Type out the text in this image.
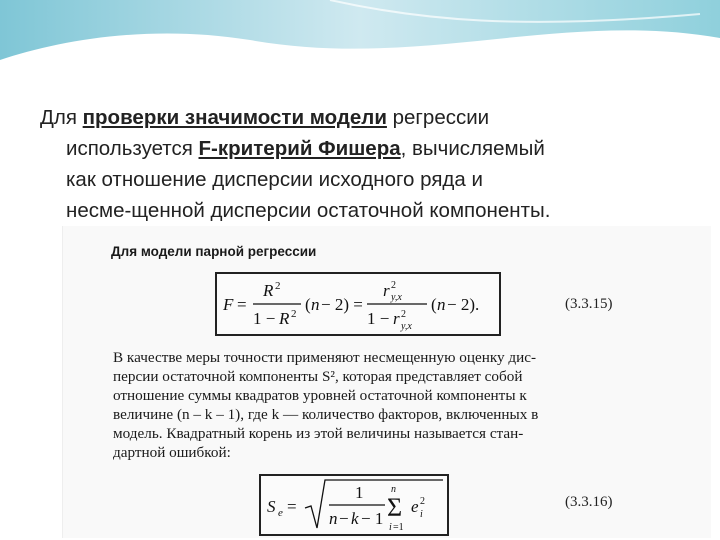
Для проверки значимости модели регрессии
используется F-критерий Фишера, вычисляемый
как отношение дисперсии исходного ряда и
несме-щенной дисперсии остаточной компоненты.
Для модели парной регрессии
F =
R 2
1 − R 2 ( n − 2) =
r 2
y,x
1 − r 2
y,x
( n − 2).	(3.3.15)
В качестве меры точности применяют несмещенную оценку дис-
персии остаточной компоненты S², которая представляет собой
отношение суммы квадратов уровней остаточной компоненты к
величине (n – k – 1), где k — количество факторов, включенных в
модель. Квадратный корень из этой величины называется стан-
дартной ошибкой:
S e =
1
n − k − 1
n
Σ
i =1
e i
2	(3.3.16)
